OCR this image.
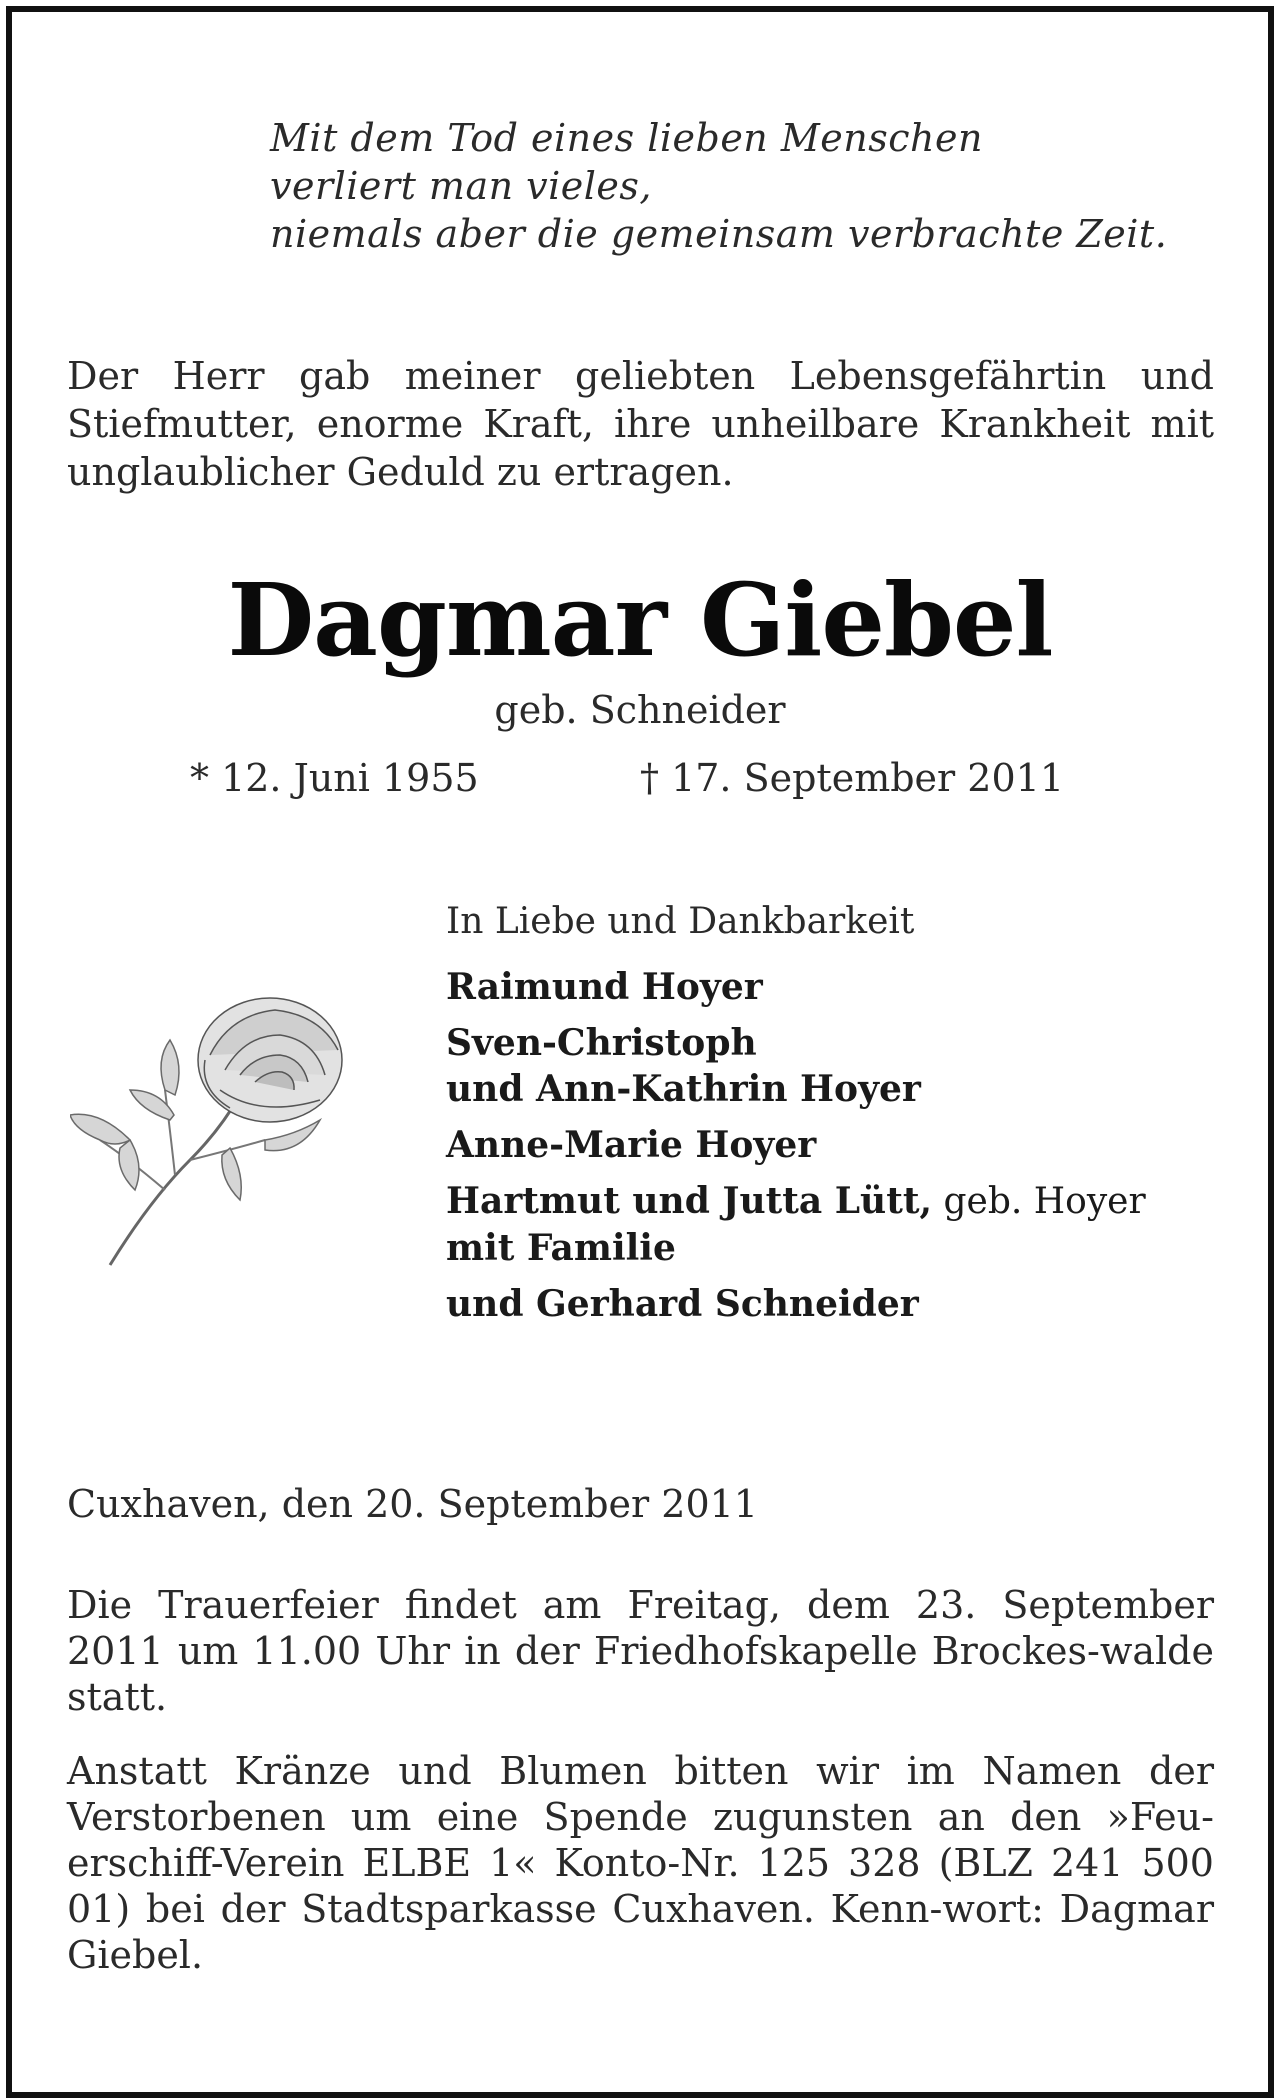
Mit dem Tod eines lieben Menschen
verliert man vieles,
niemals aber die gemeinsam verbrachte Zeit.
Der Herr gab meiner geliebten Lebensgefährtin und Stiefmutter, enorme Kraft, ihre unheilbare Krankheit mit unglaublicher Geduld zu ertragen.
Dagmar Giebel
geb. Schneider
* 12. Juni 1955	† 17. September 2011
In Liebe und Dankbarkeit
Raimund Hoyer
Sven-Christoph
und Ann-Kathrin Hoyer
Anne-Marie Hoyer
Hartmut und Jutta Lütt, geb. Hoyer
mit Familie
und Gerhard Schneider
Cuxhaven, den 20. September 2011
Die Trauerfeier findet am Freitag, dem 23. September 2011 um 11.00 Uhr in der Friedhofskapelle Brockes-walde statt.
Anstatt Kränze und Blumen bitten wir im Namen der Verstorbenen um eine Spende zugunsten an den »Feu-erschiff-Verein ELBE 1« Konto-Nr. 125 328 (BLZ 241 500 01) bei der Stadtsparkasse Cuxhaven. Kenn-wort: Dagmar Giebel.
